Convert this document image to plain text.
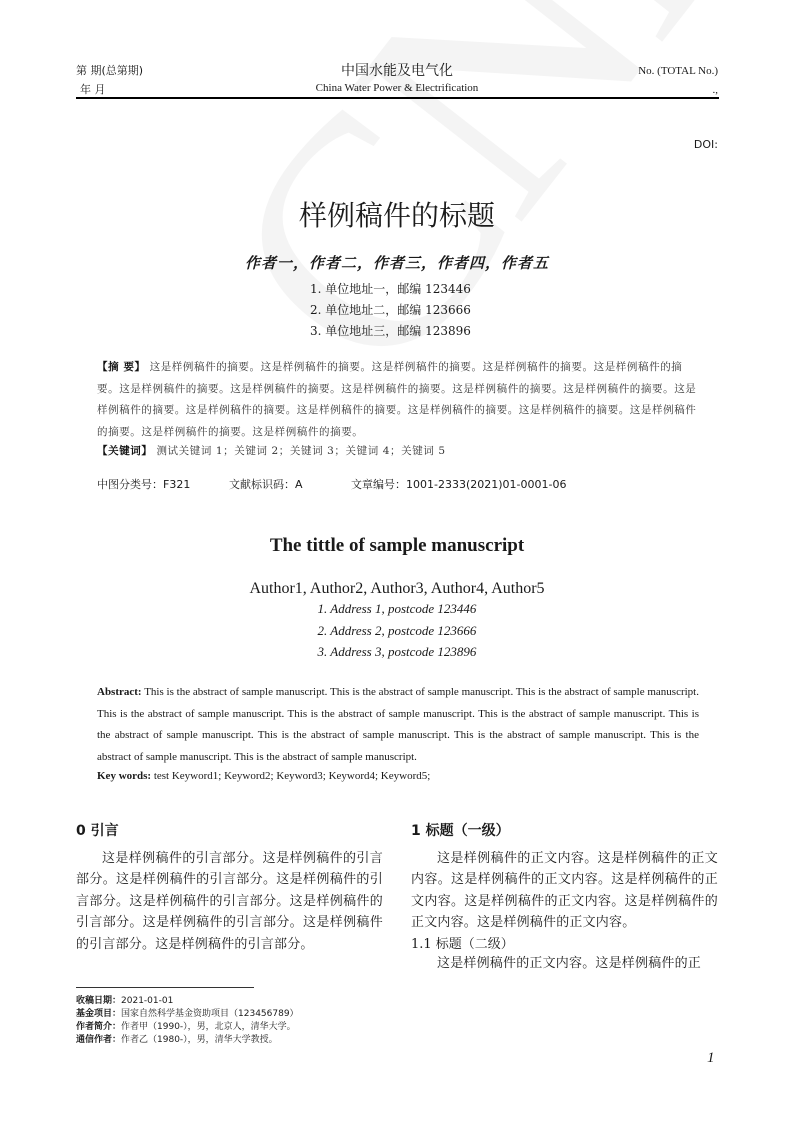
第 期(总第期)
年 月
中国水能及电气化
China Water Power & Electrification
No. (TOTAL No.)
.,
DOI:
样例稿件的标题
作者一，作者二，作者三，作者四，作者五
1. 单位地址一，邮编 123446
2. 单位地址二，邮编 123666
3. 单位地址三，邮编 123896
【摘 要】 这是样例稿件的摘要。这是样例稿件的摘要。这是样例稿件的摘要。这是样例稿件的摘要。这是样例稿件的摘要。这是样例稿件的摘要。这是样例稿件的摘要。这是样例稿件的摘要。这是样例稿件的摘要。这是样例稿件的摘要。这是样例稿件的摘要。这是样例稿件的摘要。这是样例稿件的摘要。这是样例稿件的摘要。这是样例稿件的摘要。这是样例稿件的摘要。这是样例稿件的摘要。这是样例稿件的摘要。
【关键词】 测试关键词 1；关键词 2；关键词 3；关键词 4；关键词 5
中图分类号：F321	文献标识码：A	文章编号：1001-2333(2021)01-0001-06
The tittle of sample manuscript
Author1, Author2, Author3, Author4, Author5
1. Address 1, postcode 123446
2. Address 2, postcode 123666
3. Address 3, postcode 123896
Abstract: This is the abstract of sample manuscript. This is the abstract of sample manuscript. This is the abstract of sample manuscript. This is the abstract of sample manuscript. This is the abstract of sample manuscript. This is the abstract of sample manuscript. This is the abstract of sample manuscript. This is the abstract of sample manuscript. This is the abstract of sample manuscript. This is the abstract of sample manuscript. This is the abstract of sample manuscript.
Key words: test Keyword1; Keyword2; Keyword3; Keyword4; Keyword5;
0 引言
这是样例稿件的引言部分。这是样例稿件的引言部分。这是样例稿件的引言部分。这是样例稿件的引言部分。这是样例稿件的引言部分。这是样例稿件的引言部分。这是样例稿件的引言部分。这是样例稿件的引言部分。这是样例稿件的引言部分。
1 标题（一级）
这是样例稿件的正文内容。这是样例稿件的正文内容。这是样例稿件的正文内容。这是样例稿件的正文内容。这是样例稿件的正文内容。这是样例稿件的正文内容。这是样例稿件的正文内容。
1.1 标题（二级）
这是样例稿件的正文内容。这是样例稿件的正
收稿日期：2021-01-01
基金项目：国家自然科学基金资助项目（123456789）
作者简介：作者甲（1990-），男，北京人，清华大学。
通信作者：作者乙（1980-），男，清华大学教授。
1
